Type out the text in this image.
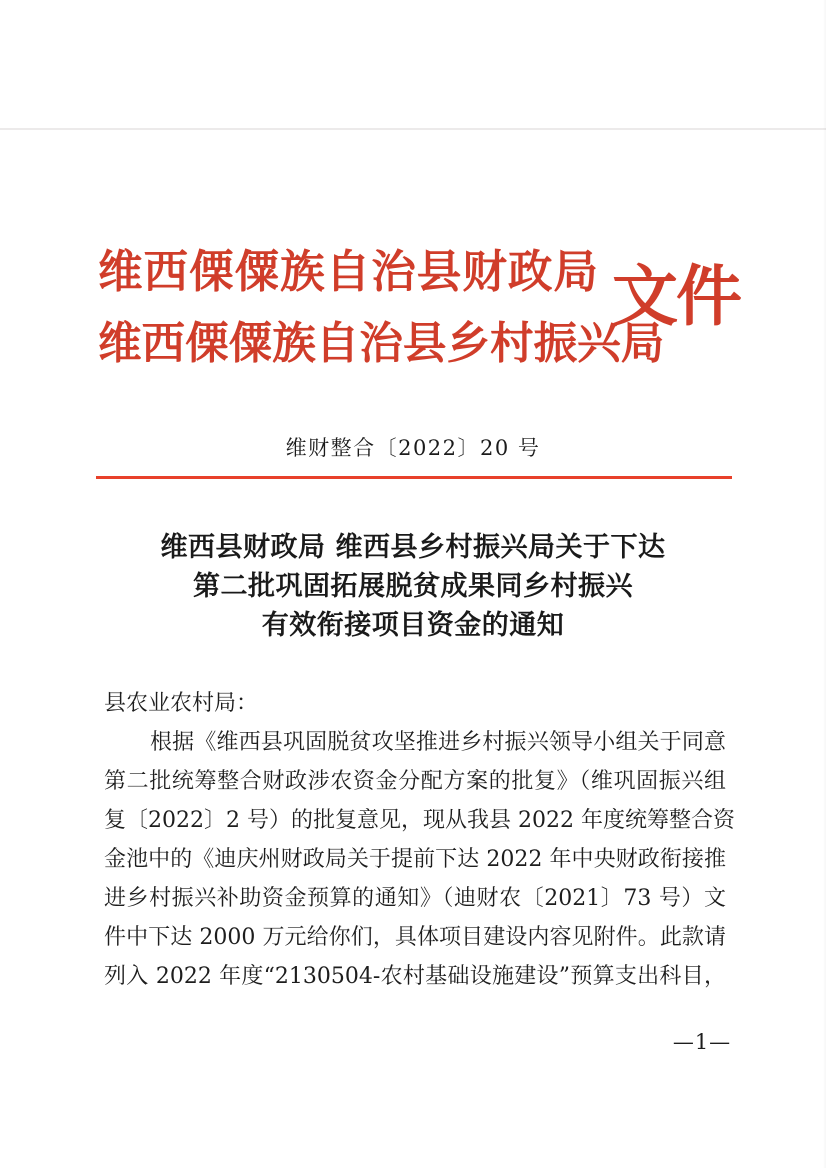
维西傈僳族自治县财政局
维西傈僳族自治县乡村振兴局
文件
维财整合〔2022〕20 号
维西县财政局 维西县乡村振兴局关于下达
第二批巩固拓展脱贫成果同乡村振兴
有效衔接项目资金的通知
县农业农村局：
根据《维西县巩固脱贫攻坚推进乡村振兴领导小组关于同意
第二批统筹整合财政涉农资金分配方案的批复》（维巩固振兴组
复〔2022〕2 号）的批复意见，现从我县 2022 年度统筹整合资
金池中的《迪庆州财政局关于提前下达 2022 年中央财政衔接推
进乡村振兴补助资金预算的通知》（迪财农〔2021〕73 号）文
件中下达 2000 万元给你们，具体项目建设内容见附件。此款请
列入 2022 年度“2130504-农村基础设施建设”预算支出科目，
—1—
